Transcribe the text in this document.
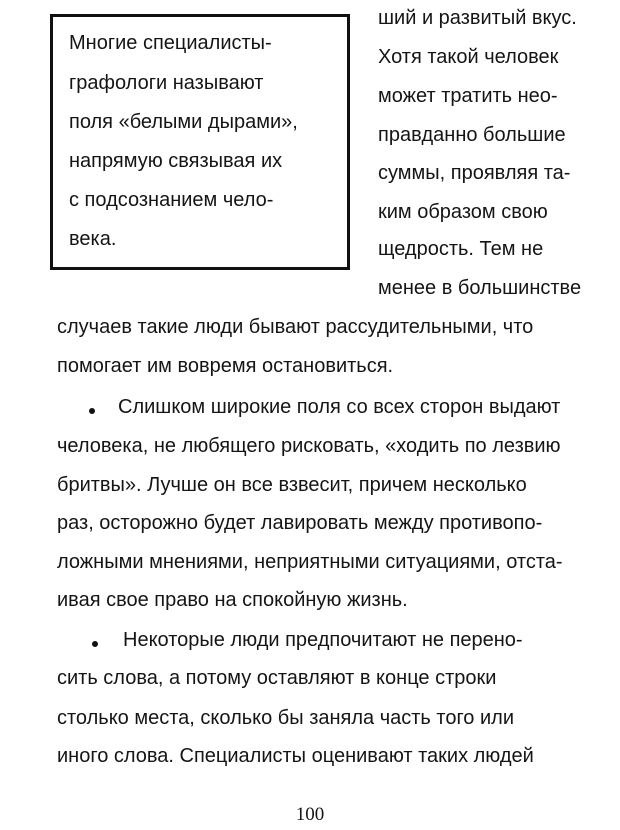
Многие специалисты-
графологи называют
поля «белыми дырами»,
напрямую связывая их
с подсознанием чело-
века.
ший и развитый вкус.
Хотя такой человек
может тратить нео-
правданно большие
суммы, проявляя та-
ким образом свою
щедрость. Тем не
менее в большинстве
случаев такие люди бывают рассудительными, что
помогает им вовремя остановиться.
Слишком широкие поля со всех сторон выдают
человека, не любящего рисковать, «ходить по лезвию
бритвы». Лучше он все взвесит, причем несколько
раз, осторожно будет лавировать между противопо-
ложными мнениями, неприятными ситуациями, отста-
ивая свое право на спокойную жизнь.
Некоторые люди предпочитают не перено-
сить слова, а потому оставляют в конце строки
столько места, сколько бы заняла часть того или
иного слова. Специалисты оценивают таких людей
100
